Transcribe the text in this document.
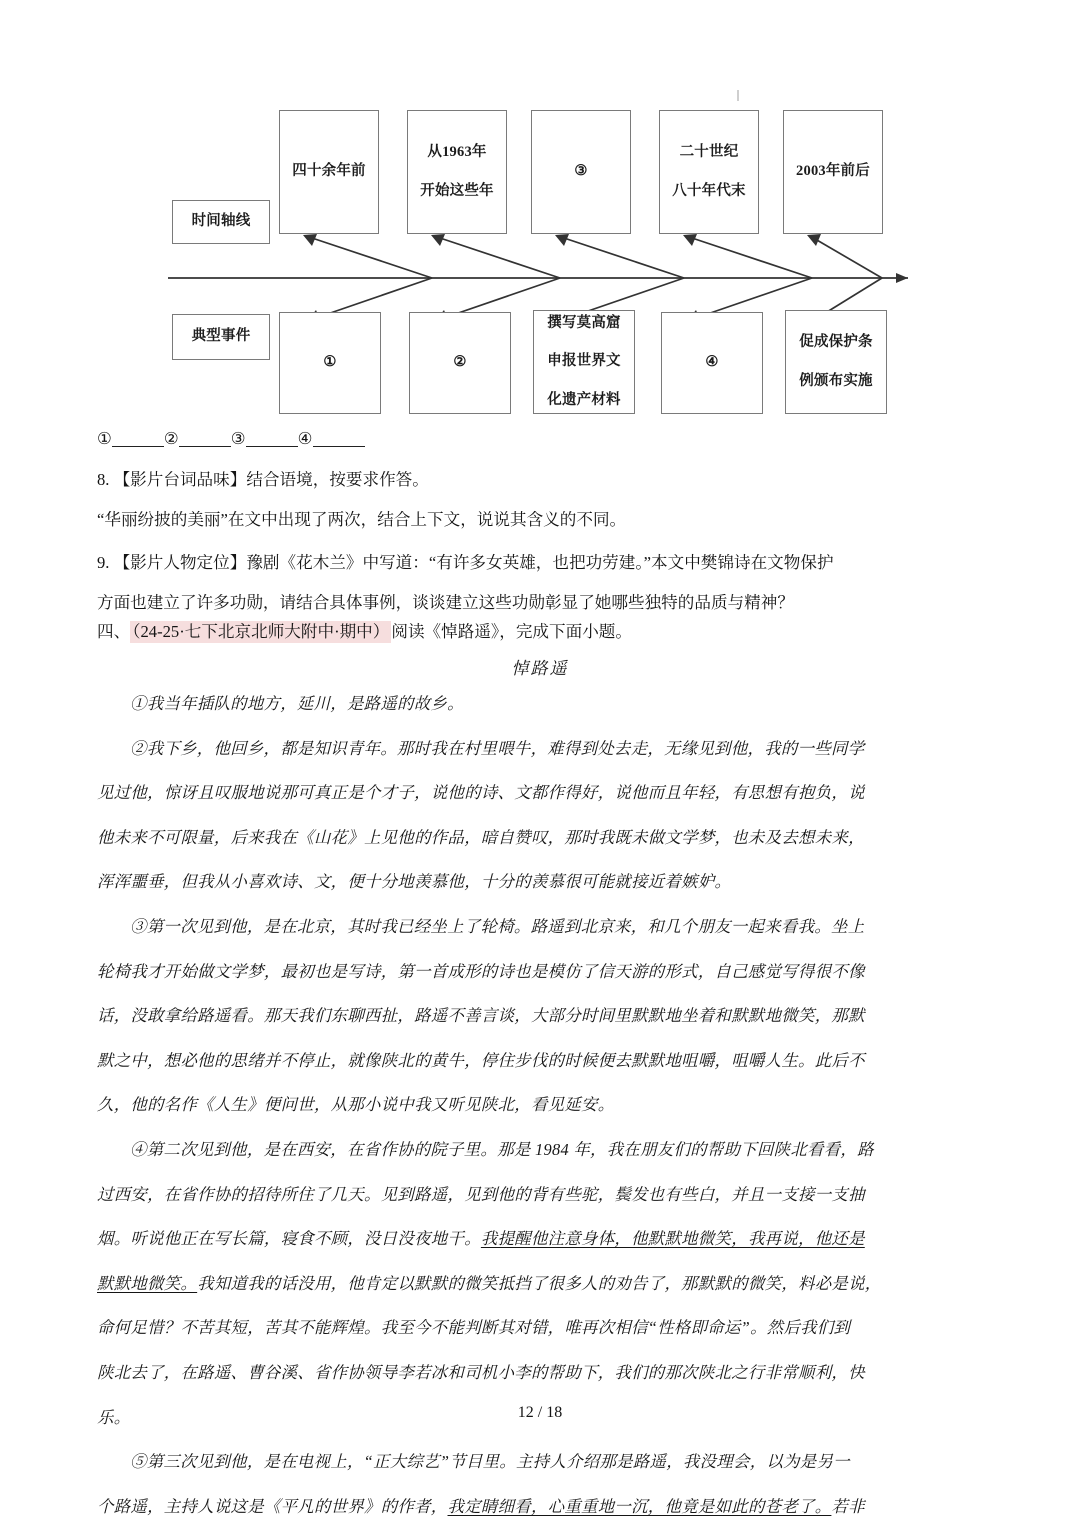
时间轴线
典型事件
四十余年前
从1963年

开始这些年
③
二十世纪

八十年代末
2003年前后
①	②
撰写莫高窟

申报世界文

化遗产材料
④
促成保护条

例颁布实施
①	②	③	④
8. 【影片台词品味】结合语境，按要求作答。
“华丽纷披的美丽”在文中出现了两次，结合上下文，说说其含义的不同。
9. 【影片人物定位】豫剧《花木兰》中写道：“有许多女英雄，也把功劳建。”本文中樊锦诗在文物保护
方面也建立了许多功勋，请结合具体事例，谈谈建立这些功勋彰显了她哪些独特的品质与精神？
四、 （24-25·七下北京北师大附中·期中） 阅读《悼路遥》，完成下面小题。
悼路遥
①我当年插队的地方，延川，是路遥的故乡。
②我下乡，他回乡，都是知识青年。那时我在村里喂牛，难得到处去走，无缘见到他，我的一些同学
见过他，惊讶且叹服地说那可真正是个才子，说他的诗、文都作得好，说他而且年轻，有思想有抱负，说
他未来不可限量，后来我在《山花》上见他的作品，暗自赞叹，那时我既未做文学梦，也未及去想未来，
浑浑噩垂，但我从小喜欢诗、文，便十分地羡慕他，十分的羡慕很可能就接近着嫉妒。
③第一次见到他，是在北京，其时我已经坐上了轮椅。路遥到北京来，和几个朋友一起来看我。坐上
轮椅我才开始做文学梦，最初也是写诗，第一首成形的诗也是模仿了信天游的形式，自己感觉写得很不像
话，没敢拿给路遥看。那天我们东聊西扯，路遥不善言谈，大部分时间里默默地坐着和默默地微笑，那默
默之中，想必他的思绪并不停止，就像陕北的黄牛，停住步伐的时候便去默默地咀嚼，咀嚼人生。此后不
久，他的名作《人生》便问世，从那小说中我又听见陕北，看见延安。
④第二次见到他，是在西安，在省作协的院子里。那是 1984 年，我在朋友们的帮助下回陕北看看，路
过西安，在省作协的招待所住了几天。见到路遥，见到他的背有些驼，鬓发也有些白，并且一支接一支抽
烟。听说他正在写长篇，寝食不顾，没日没夜地干。我提醒他注意身体，他默默地微笑，我再说，他还是
默默地微笑。我知道我的话没用，他肯定以默默的微笑抵挡了很多人的劝告了，那默默的微笑，料必是说，
命何足惜？不苦其短，苦其不能辉煌。我至今不能判断其对错，唯再次相信“性格即命运”。然后我们到
陕北去了，在路遥、曹谷溪、省作协领导李若冰和司机小李的帮助下，我们的那次陕北之行非常顺利，快
乐。
⑤第三次见到他，是在电视上，“正大综艺”节目里。主持人介绍那是路遥，我没理会，以为是另一
个路遥，主持人说这是《平凡的世界》的作者，我定睛细看，心重重地一沉，他竟是如此的苍老了。若非
12 / 18
